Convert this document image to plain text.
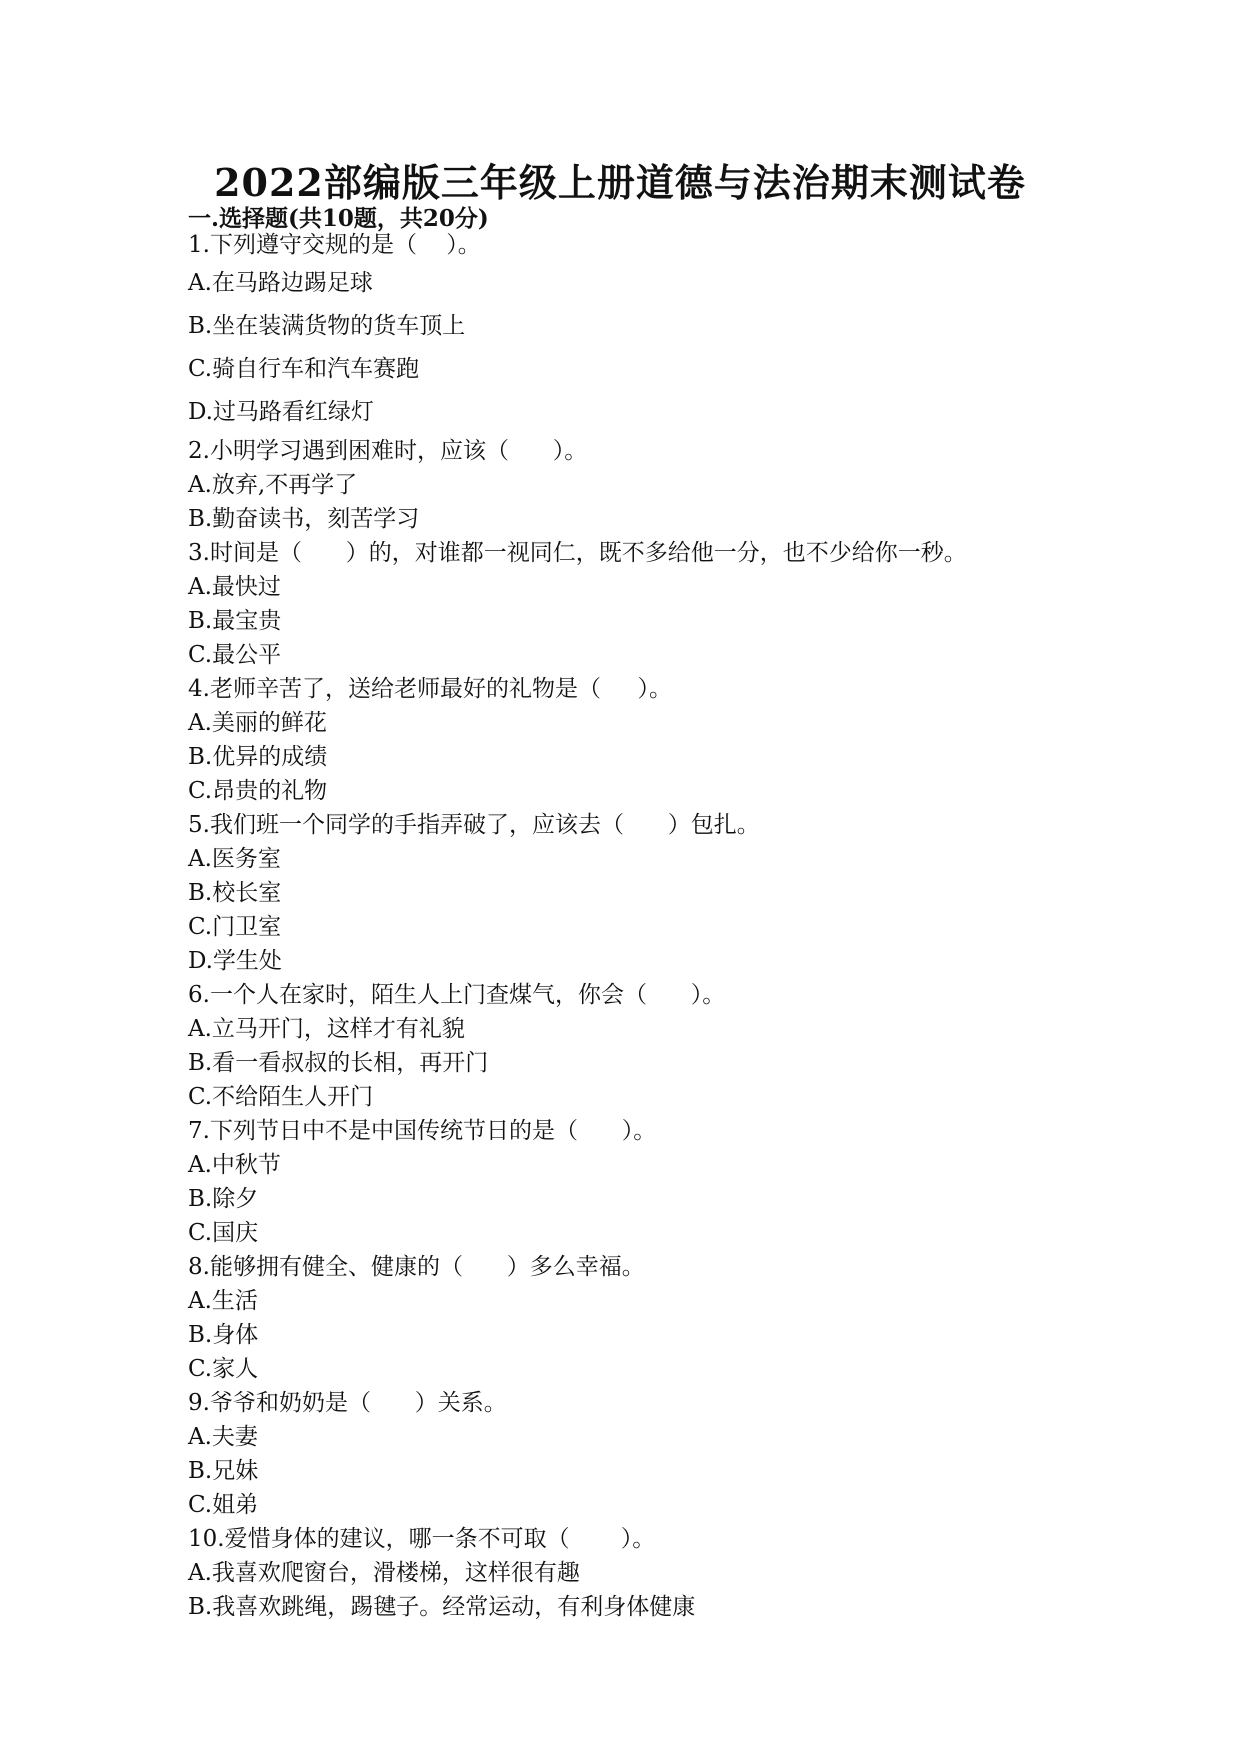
2022部编版三年级上册道德与法治期末测试卷
一.选择题(共10题，共20分)
1.下列遵守交规的是（    ）。
A.在马路边踢足球
B.坐在装满货物的货车顶上
C.骑自行车和汽车赛跑
D.过马路看红绿灯
2.小明学习遇到困难时，应该（      ）。
A.放弃,不再学了
B.勤奋读书，刻苦学习
3.时间是（      ）的，对谁都一视同仁，既不多给他一分，也不少给你一秒。
A.最快过
B.最宝贵
C.最公平
4.老师辛苦了，送给老师最好的礼物是（     ）。
A.美丽的鲜花
B.优异的成绩
C.昂贵的礼物
5.我们班一个同学的手指弄破了，应该去（      ）包扎。
A.医务室
B.校长室
C.门卫室
D.学生处
6.一个人在家时，陌生人上门查煤气，你会（      ）。
A.立马开门，这样才有礼貌
B.看一看叔叔的长相，再开门
C.不给陌生人开门
7.下列节日中不是中国传统节日的是（      ）。
A.中秋节
B.除夕
C.国庆
8.能够拥有健全、健康的（      ）多么幸福。
A.生活
B.身体
C.家人
9.爷爷和奶奶是（      ）关系。
A.夫妻
B.兄妹
C.姐弟
10.爱惜身体的建议，哪一条不可取（       ）。
A.我喜欢爬窗台，滑楼梯，这样很有趣
B.我喜欢跳绳，踢毽子。经常运动，有利身体健康
